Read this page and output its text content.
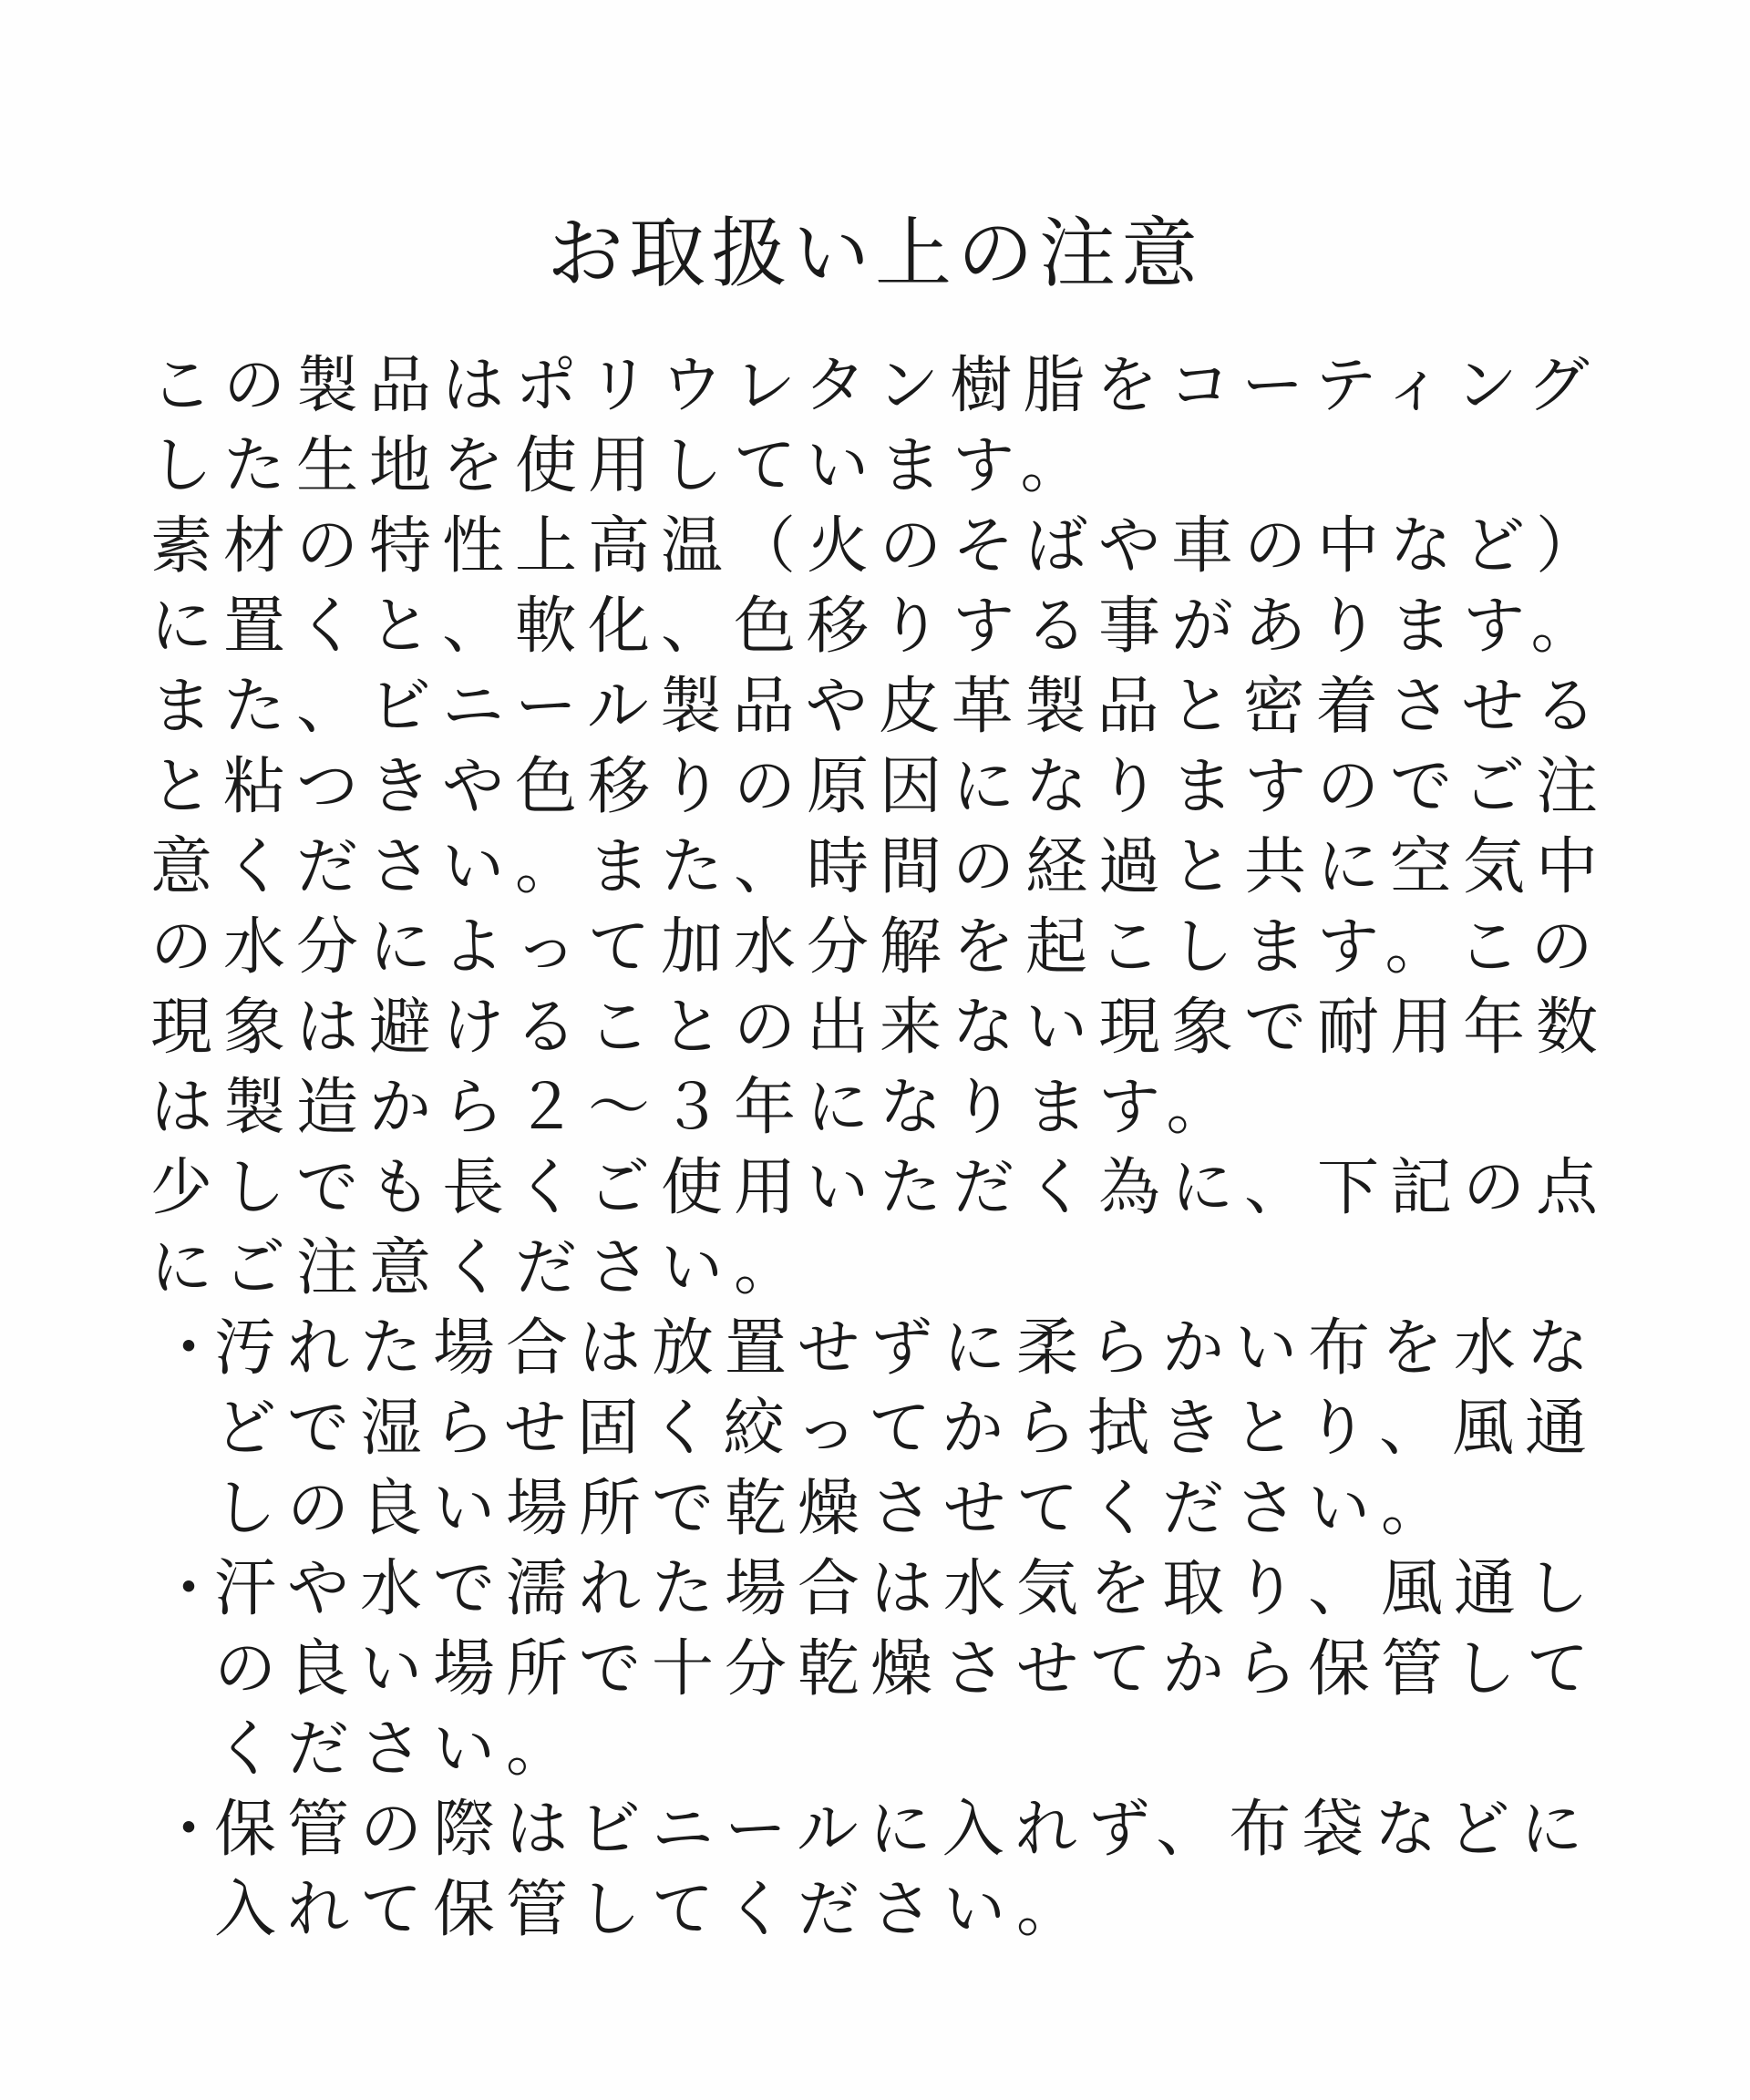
お取扱い上の注意
この製品はポリウレタン樹脂をコーティング
した生地を使用しています。
素材の特性上高温（火のそばや車の中など）
に置くと、軟化、色移りする事があります。
また、ビニール製品や皮革製品と密着させる
と粘つきや色移りの原因になりますのでご注
意ください。また、時間の経過と共に空気中
の水分によって加水分解を起こします。この
現象は避けることの出来ない現象で耐用年数
は製造から２～３年になります。
少しでも長くご使用いただく為に、下記の点
にご注意ください。
・
汚れた場合は放置せずに柔らかい布を水な
どで湿らせ固く絞ってから拭きとり、風通
しの良い場所で乾燥させてください。
・
汗や水で濡れた場合は水気を取り、風通し
の良い場所で十分乾燥させてから保管して
ください。
・
保管の際はビニールに入れず、布袋などに
入れて保管してください。
